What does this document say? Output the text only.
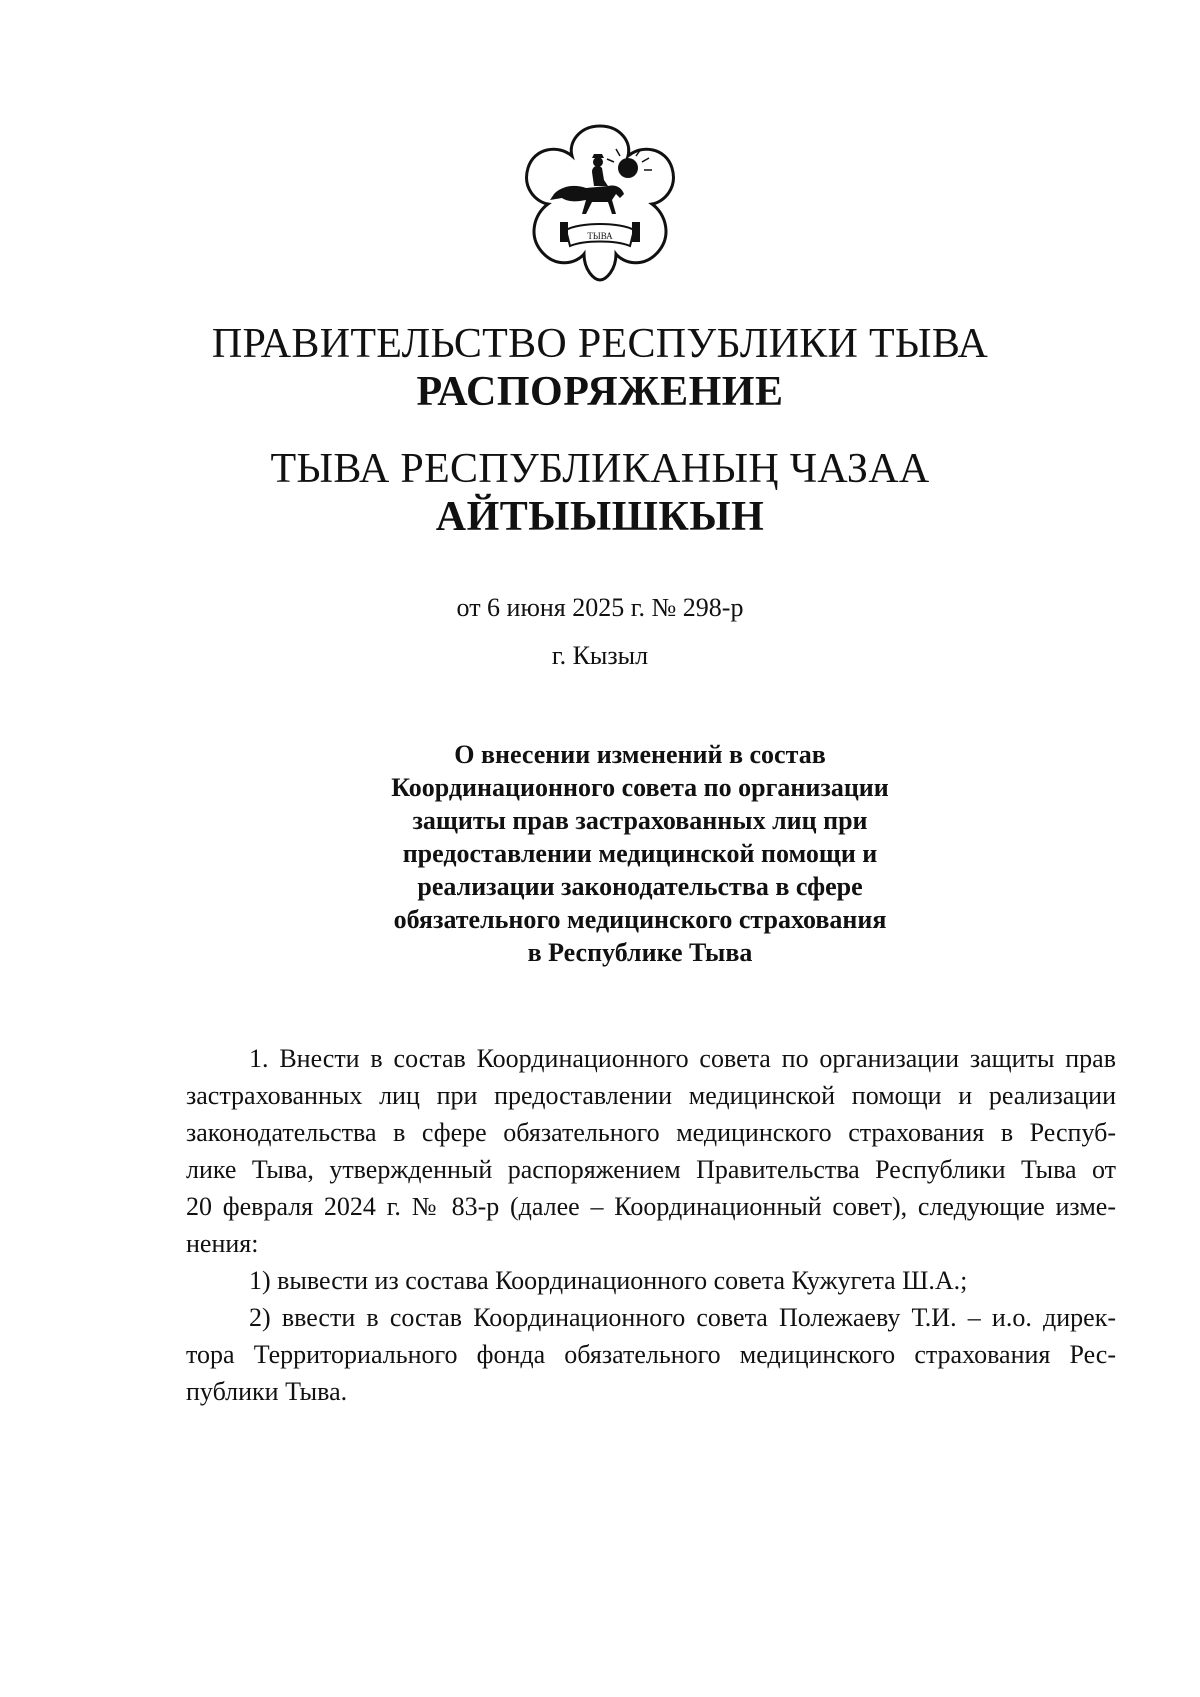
ТЫВА
ПРАВИТЕЛЬСТВО РЕСПУБЛИКИ ТЫВА
РАСПОРЯЖЕНИЕ
ТЫВА РЕСПУБЛИКАНЫҢ ЧАЗАА
АЙТЫЫШКЫН
от 6 июня 2025 г. № 298-р
г. Кызыл
О внесении изменений в состав
Координационного совета по организации
защиты прав застрахованных лиц при
предоставлении медицинской помощи и
реализации законодательства в сфере
обязательного медицинского страхования
в Республике Тыва
1. Внести в состав Координационного совета по организации защиты прав
застрахованных лиц при предоставлении медицинской помощи и реализации
законодательства в сфере обязательного медицинского страхования в Респуб-
лике Тыва, утвержденный распоряжением Правительства Республики Тыва от
20 февраля 2024 г. № 83-р (далее – Координационный совет), следующие изме-
нения:
1) вывести из состава Координационного совета Кужугета Ш.А.;
2) ввести в состав Координационного совета Полежаеву Т.И. – и.о. дирек-
тора Территориального фонда обязательного медицинского страхования Рес-
публики Тыва.
